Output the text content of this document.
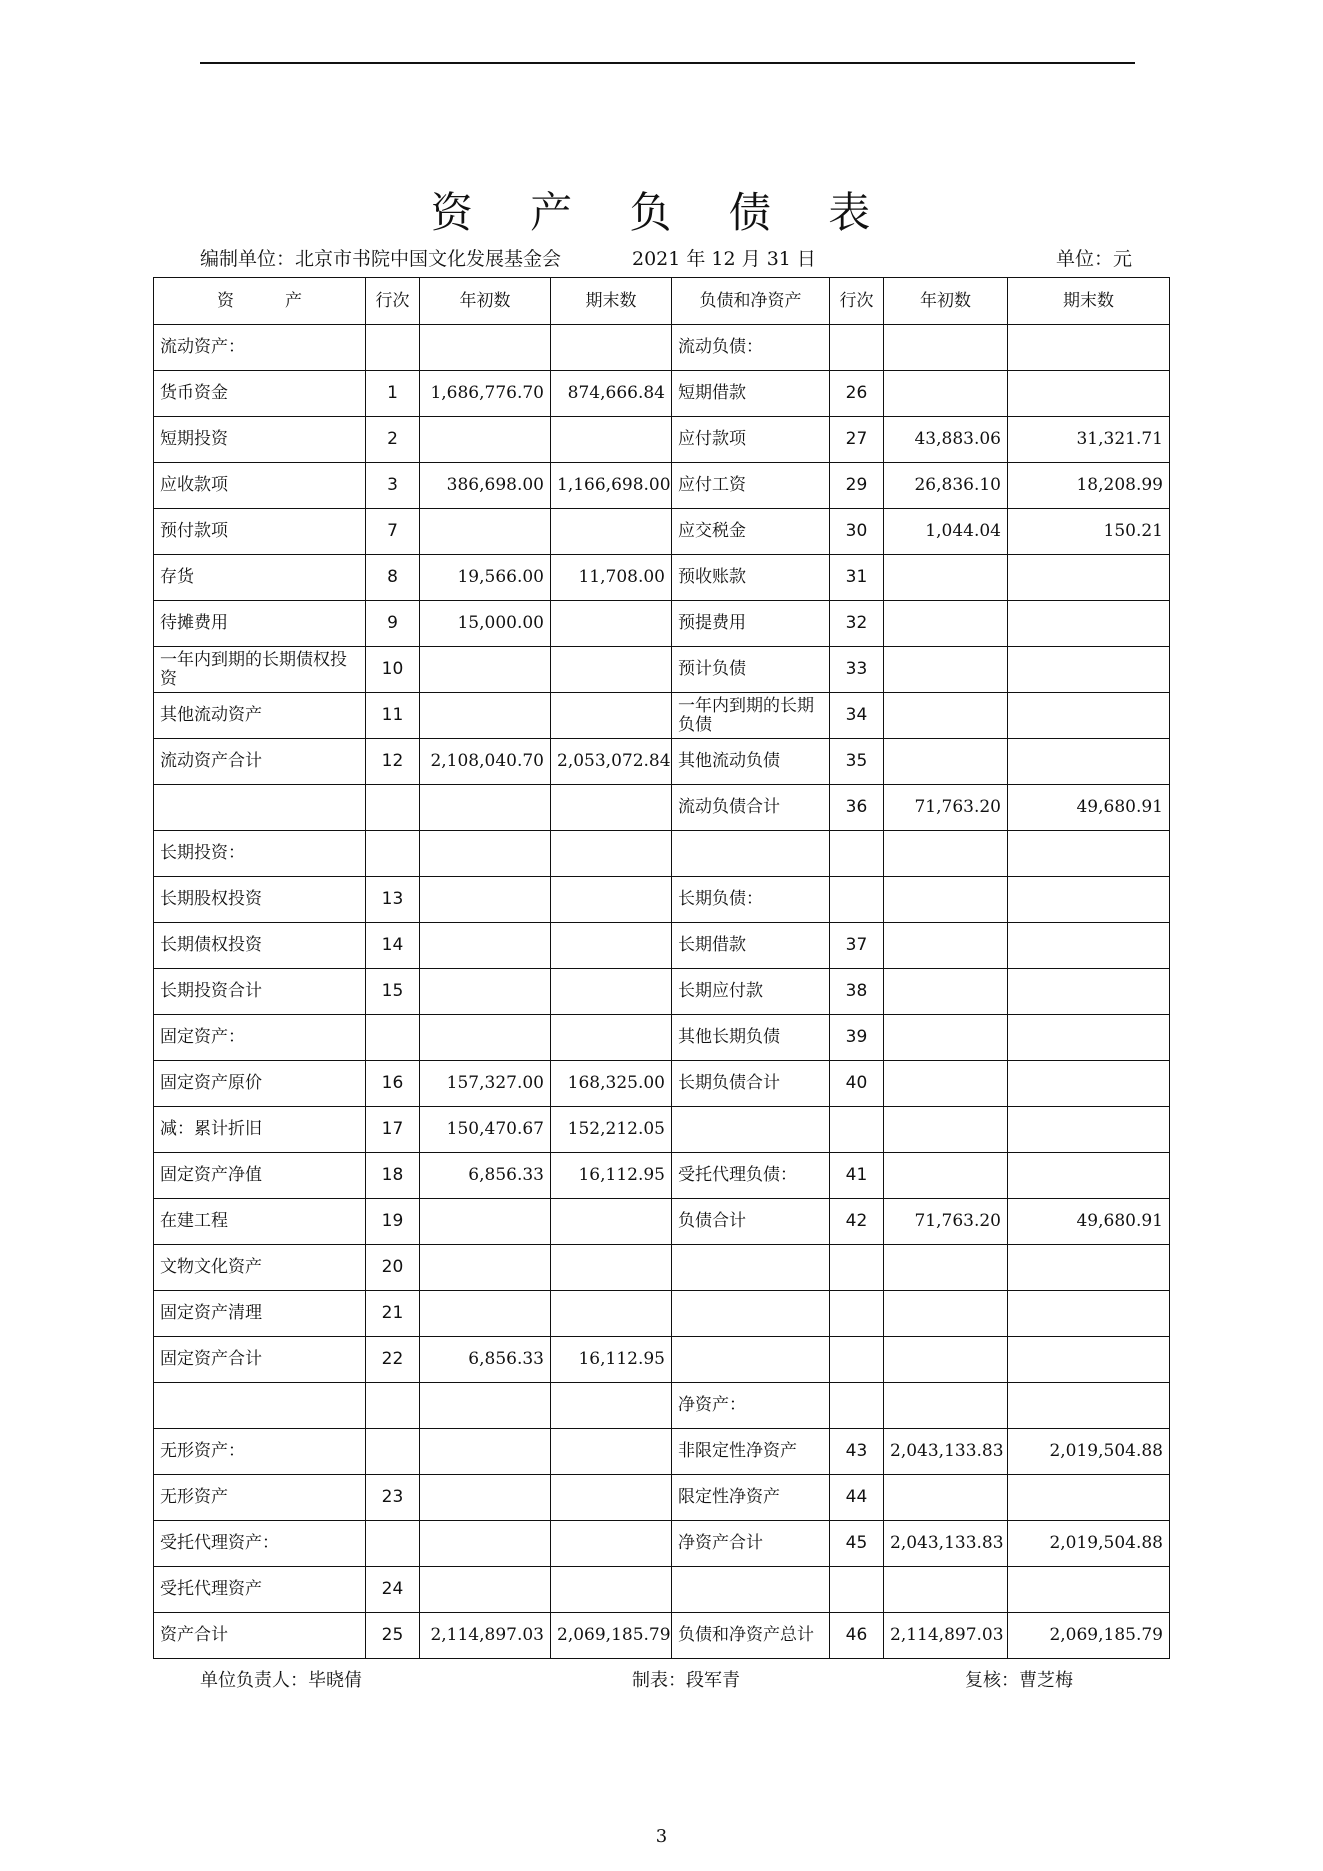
资 产 负 债 表
编制单位：北京市书院中国文化发展基金会	2021 年 12 月 31 日	单位：元
资　　　产	行次	年初数	期末数	负债和净资产	行次	年初数	期末数
流动资产：				流动负债：			
货币资金	1	1,686,776.70	874,666.84	短期借款	26		
短期投资	2			应付款项	27	43,883.06	31,321.71
应收款项	3	386,698.00	1,166,698.00	应付工资	29	26,836.10	18,208.99
预付款项	7			应交税金	30	1,044.04	150.21
存货	8	19,566.00	11,708.00	预收账款	31		
待摊费用	9	15,000.00		预提费用	32		
一年内到期的长期债权投资	10			预计负债	33		
其他流动资产	11			一年内到期的长期负债	34		
流动资产合计	12	2,108,040.70	2,053,072.84	其他流动负债	35		
				流动负债合计	36	71,763.20	49,680.91
长期投资：							
长期股权投资	13			长期负债：			
长期债权投资	14			长期借款	37		
长期投资合计	15			长期应付款	38		
固定资产：				其他长期负债	39		
固定资产原价	16	157,327.00	168,325.00	长期负债合计	40		
减：累计折旧	17	150,470.67	152,212.05				
固定资产净值	18	6,856.33	16,112.95	受托代理负债：	41		
在建工程	19			负债合计	42	71,763.20	49,680.91
文物文化资产	20						
固定资产清理	21						
固定资产合计	22	6,856.33	16,112.95				
				净资产：			
无形资产：				非限定性净资产	43	2,043,133.83	2,019,504.88
无形资产	23			限定性净资产	44		
受托代理资产：				净资产合计	45	2,043,133.83	2,019,504.88
受托代理资产	24						
资产合计	25	2,114,897.03	2,069,185.79	负债和净资产总计	46	2,114,897.03	2,069,185.79
单位负责人：毕晓倩	制表：段军青	复核：曹芝梅
3
